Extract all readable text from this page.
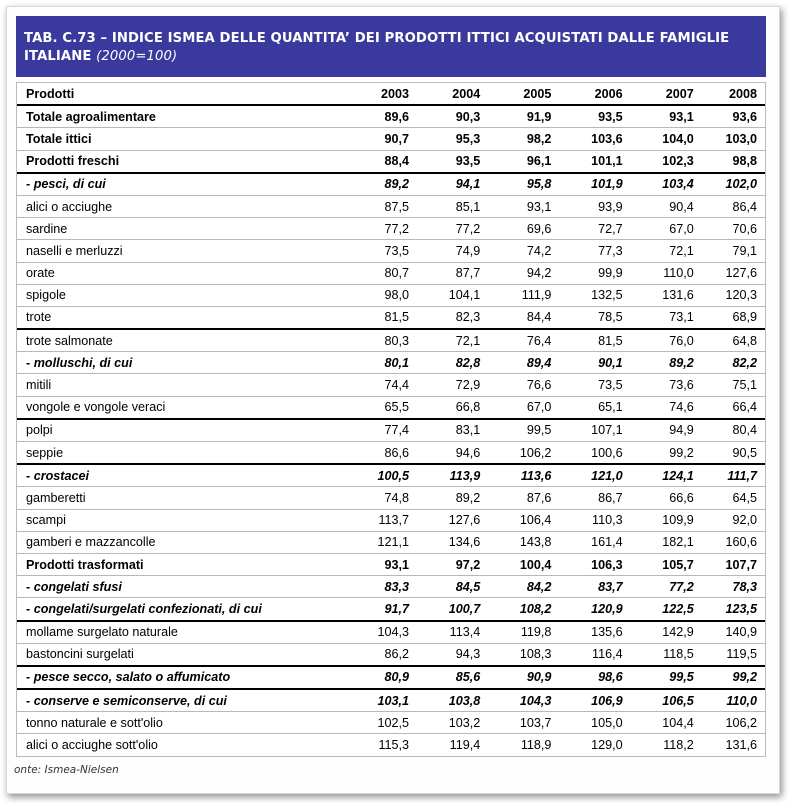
TAB. C.73 – INDICE ISMEA DELLE QUANTITA’ DEI PRODOTTI ITTICI ACQUISTATI DALLE FAMIGLIE ITALIANE (2000=100)
Prodotti	2003	2004	2005	2006	2007	2008
Totale agroalimentare	89,6	90,3	91,9	93,5	93,1	93,6
Totale ittici	90,7	95,3	98,2	103,6	104,0	103,0
Prodotti freschi	88,4	93,5	96,1	101,1	102,3	98,8
- pesci, di cui	89,2	94,1	95,8	101,9	103,4	102,0
alici o acciughe	87,5	85,1	93,1	93,9	90,4	86,4
sardine	77,2	77,2	69,6	72,7	67,0	70,6
naselli e merluzzi	73,5	74,9	74,2	77,3	72,1	79,1
orate	80,7	87,7	94,2	99,9	110,0	127,6
spigole	98,0	104,1	111,9	132,5	131,6	120,3
trote	81,5	82,3	84,4	78,5	73,1	68,9
trote salmonate	80,3	72,1	76,4	81,5	76,0	64,8
- molluschi, di cui	80,1	82,8	89,4	90,1	89,2	82,2
mitili	74,4	72,9	76,6	73,5	73,6	75,1
vongole e vongole veraci	65,5	66,8	67,0	65,1	74,6	66,4
polpi	77,4	83,1	99,5	107,1	94,9	80,4
seppie	86,6	94,6	106,2	100,6	99,2	90,5
- crostacei	100,5	113,9	113,6	121,0	124,1	111,7
gamberetti	74,8	89,2	87,6	86,7	66,6	64,5
scampi	113,7	127,6	106,4	110,3	109,9	92,0
gamberi e mazzancolle	121,1	134,6	143,8	161,4	182,1	160,6
Prodotti trasformati	93,1	97,2	100,4	106,3	105,7	107,7
- congelati sfusi	83,3	84,5	84,2	83,7	77,2	78,3
- congelati/surgelati confezionati, di cui	91,7	100,7	108,2	120,9	122,5	123,5
mollame surgelato naturale	104,3	113,4	119,8	135,6	142,9	140,9
bastoncini surgelati	86,2	94,3	108,3	116,4	118,5	119,5
- pesce secco, salato o affumicato	80,9	85,6	90,9	98,6	99,5	99,2
- conserve e semiconserve, di cui	103,1	103,8	104,3	106,9	106,5	110,0
tonno naturale e sott'olio	102,5	103,2	103,7	105,0	104,4	106,2
alici o acciughe sott'olio	115,3	119,4	118,9	129,0	118,2	131,6
onte: Ismea-Nielsen
